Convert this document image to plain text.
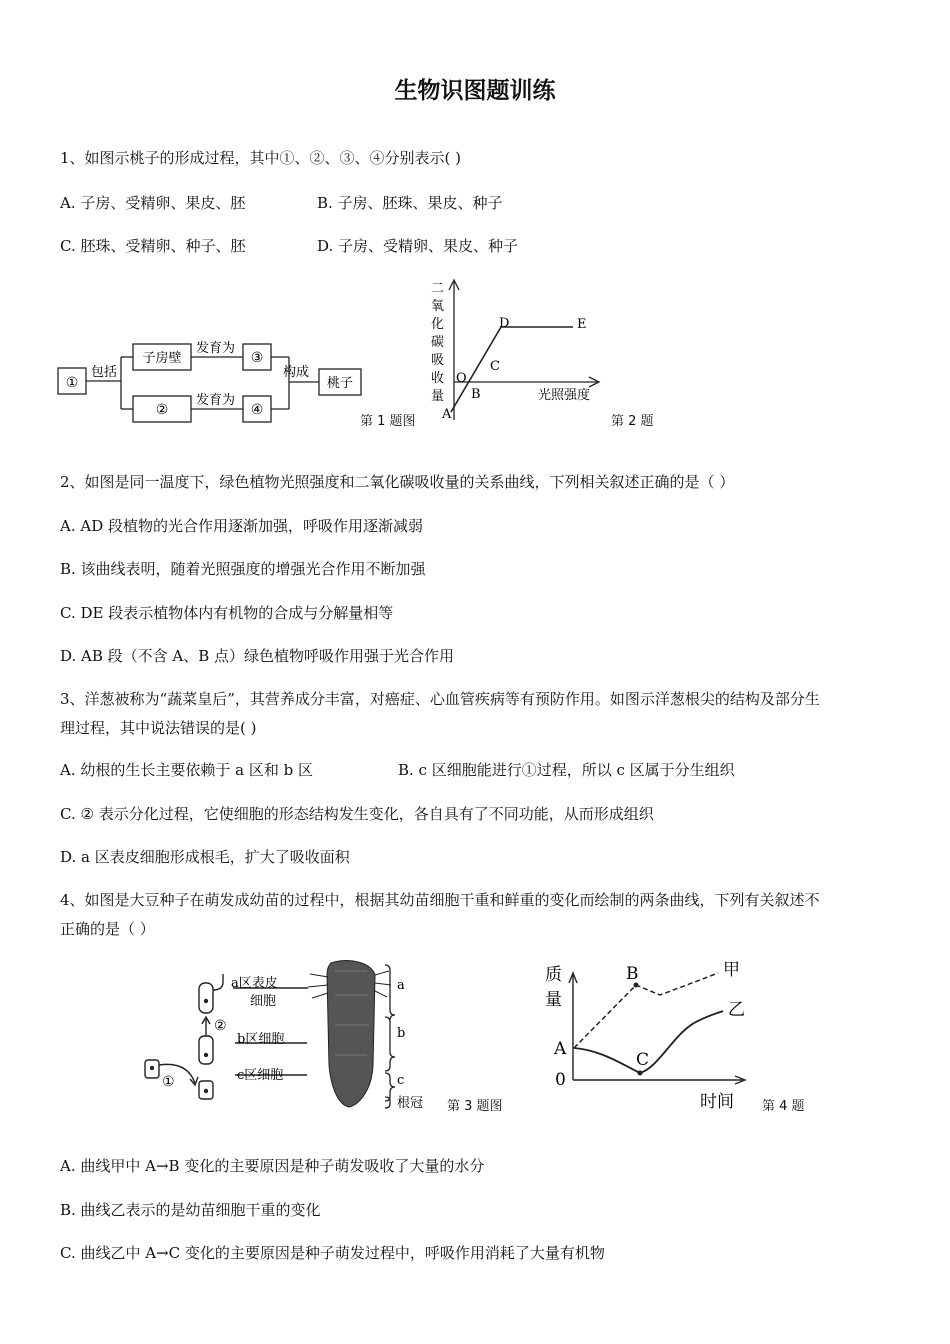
生物识图题训练
1、如图示桃子的形成过程，其中①、②、③、④分别表示( )
A. 子房、受精卵、果皮、胚	B. 子房、胚珠、果皮、种子
C. 胚珠、受精卵、种子、胚	D. 子房、受精卵、果皮、种子
①
子房壁
②
③
④
桃子
包括
发育为
发育为
构成
第 1 题图
二
氧
化
碳
吸
收
量
O
A
B
C
D	E
光照强度
第 2 题
2、如图是同一温度下，绿色植物光照强度和二氧化碳吸收量的关系曲线，下列相关叙述正确的是（ ）
A. AD 段植物的光合作用逐渐加强，呼吸作用逐渐减弱
B. 该曲线表明，随着光照强度的增强光合作用不断加强
C. DE 段表示植物体内有机物的合成与分解量相等
D. AB 段（不含 A、B 点）绿色植物呼吸作用强于光合作用
3、洋葱被称为“蔬菜皇后”，其营养成分丰富，对癌症、心血管疾病等有预防作用。如图示洋葱根尖的结构及部分生
理过程，其中说法错误的是( )
A. 幼根的生长主要依赖于 a 区和 b 区	B. c 区细胞能进行①过程，所以 c 区属于分生组织
C. ② 表示分化过程，它使细胞的形态结构发生变化，各自具有了不同功能，从而形成组织
D. a 区表皮细胞形成根毛，扩大了吸收面积
4、如图是大豆种子在萌发成幼苗的过程中，根据其幼苗细胞干重和鲜重的变化而绘制的两条曲线，下列有关叙述不
正确的是（ ）
a区表皮
细胞
b区细胞
c区细胞
①
②
a
b
c
根冠 第 3 题图
质
量
A
B
C
0
甲
乙
时间 第 4 题
A. 曲线甲中 A→B 变化的主要原因是种子萌发吸收了大量的水分
B. 曲线乙表示的是幼苗细胞干重的变化
C. 曲线乙中 A→C 变化的主要原因是种子萌发过程中，呼吸作用消耗了大量有机物
